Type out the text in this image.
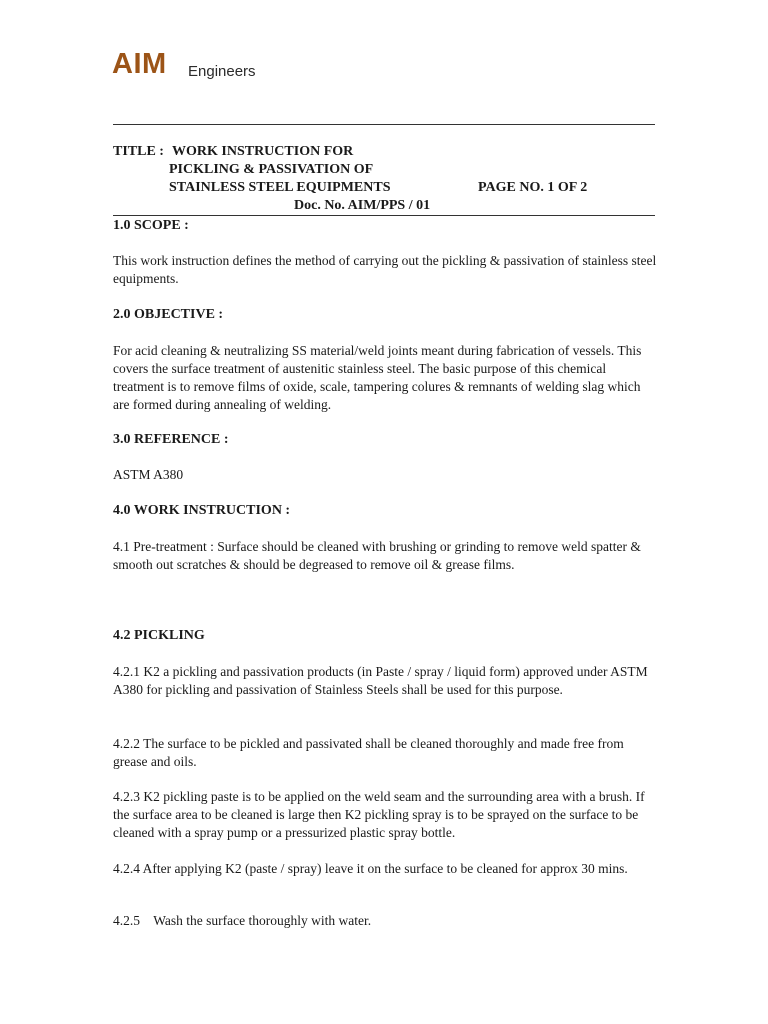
AIM Engineers
TITLE : WORK INSTRUCTION FOR
PICKLING & PASSIVATION OF
STAINLESS STEEL EQUIPMENTS	PAGE NO. 1 OF 2
Doc. No. AIM/PPS / 01
1.0 SCOPE :
This work instruction defines the method of carrying out the pickling & passivation of stainless steel equipments.
2.0 OBJECTIVE :
For acid cleaning & neutralizing SS material/weld joints meant during fabrication of vessels. This covers the surface treatment of austenitic stainless steel. The basic purpose of this chemical treatment is to remove films of oxide, scale, tampering colures & remnants of welding slag which are formed during annealing of welding.
3.0 REFERENCE :
ASTM A380
4.0 WORK INSTRUCTION :
4.1 Pre-treatment : Surface should be cleaned with brushing or grinding to remove weld spatter & smooth out scratches & should be degreased to remove oil & grease films.
4.2 PICKLING
4.2.1 K2 a pickling and passivation products (in Paste / spray / liquid form) approved under ASTM A380 for pickling and passivation of Stainless Steels shall be used for this purpose.
4.2.2 The surface to be pickled and passivated shall be cleaned thoroughly and made free from grease and oils.
4.2.3 K2 pickling paste is to be applied on the weld seam and the surrounding area with a brush. If the surface area to be cleaned is large then K2 pickling spray is to be sprayed on the surface to be cleaned with a spray pump or a pressurized plastic spray bottle.
4.2.4 After applying K2 (paste / spray) leave it on the surface to be cleaned for approx 30 mins.
4.2.5    Wash the surface thoroughly with water.
